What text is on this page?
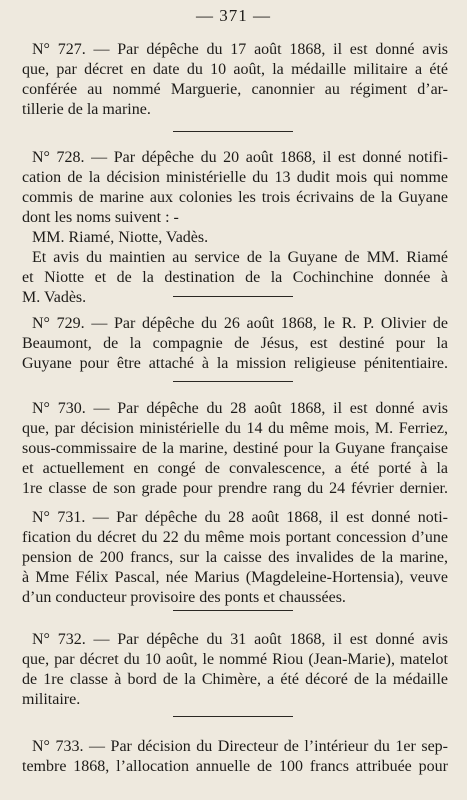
— 371 —
N° 727. — Par dépêche du 17 août 1868, il est donné avis
que, par décret en date du 10 août, la médaille militaire a été
conférée au nommé Marguerie, canonnier au régiment d’ar-
tillerie de la marine.
N° 728. — Par dépêche du 20 août 1868, il est donné notifi-
cation de la décision ministérielle du 13 dudit mois qui nomme
commis de marine aux colonies les trois écrivains de la Guyane
dont les noms suivent : -
MM. Riamé, Niotte, Vadès.
Et avis du maintien au service de la Guyane de MM. Riamé
et Niotte et de la destination de la Cochinchine donnée à
M. Vadès.
N° 729. — Par dépêche du 26 août 1868, le R. P. Olivier de
Beaumont, de la compagnie de Jésus, est destiné pour la
Guyane pour être attaché à la mission religieuse pénitentiaire.
N° 730. — Par dépêche du 28 août 1868, il est donné avis
que, par décision ministérielle du 14 du même mois, M. Ferriez,
sous-commissaire de la marine, destiné pour la Guyane française
et actuellement en congé de convalescence, a été porté à la
1re classe de son grade pour prendre rang du 24 février dernier.
N° 731. — Par dépêche du 28 août 1868, il est donné noti-
fication du décret du 22 du même mois portant concession d’une
pension de 200 francs, sur la caisse des invalides de la marine,
à Mme Félix Pascal, née Marius (Magdeleine-Hortensia), veuve
d’un conducteur provisoire des ponts et chaussées.
N° 732. — Par dépêche du 31 août 1868, il est donné avis
que, par décret du 10 août, le nommé Riou (Jean-Marie), matelot
de 1re classe à bord de la Chimère, a été décoré de la médaille
militaire.
N° 733. — Par décision du Directeur de l’intérieur du 1er sep-
tembre 1868, l’allocation annuelle de 100 francs attribuée pour
